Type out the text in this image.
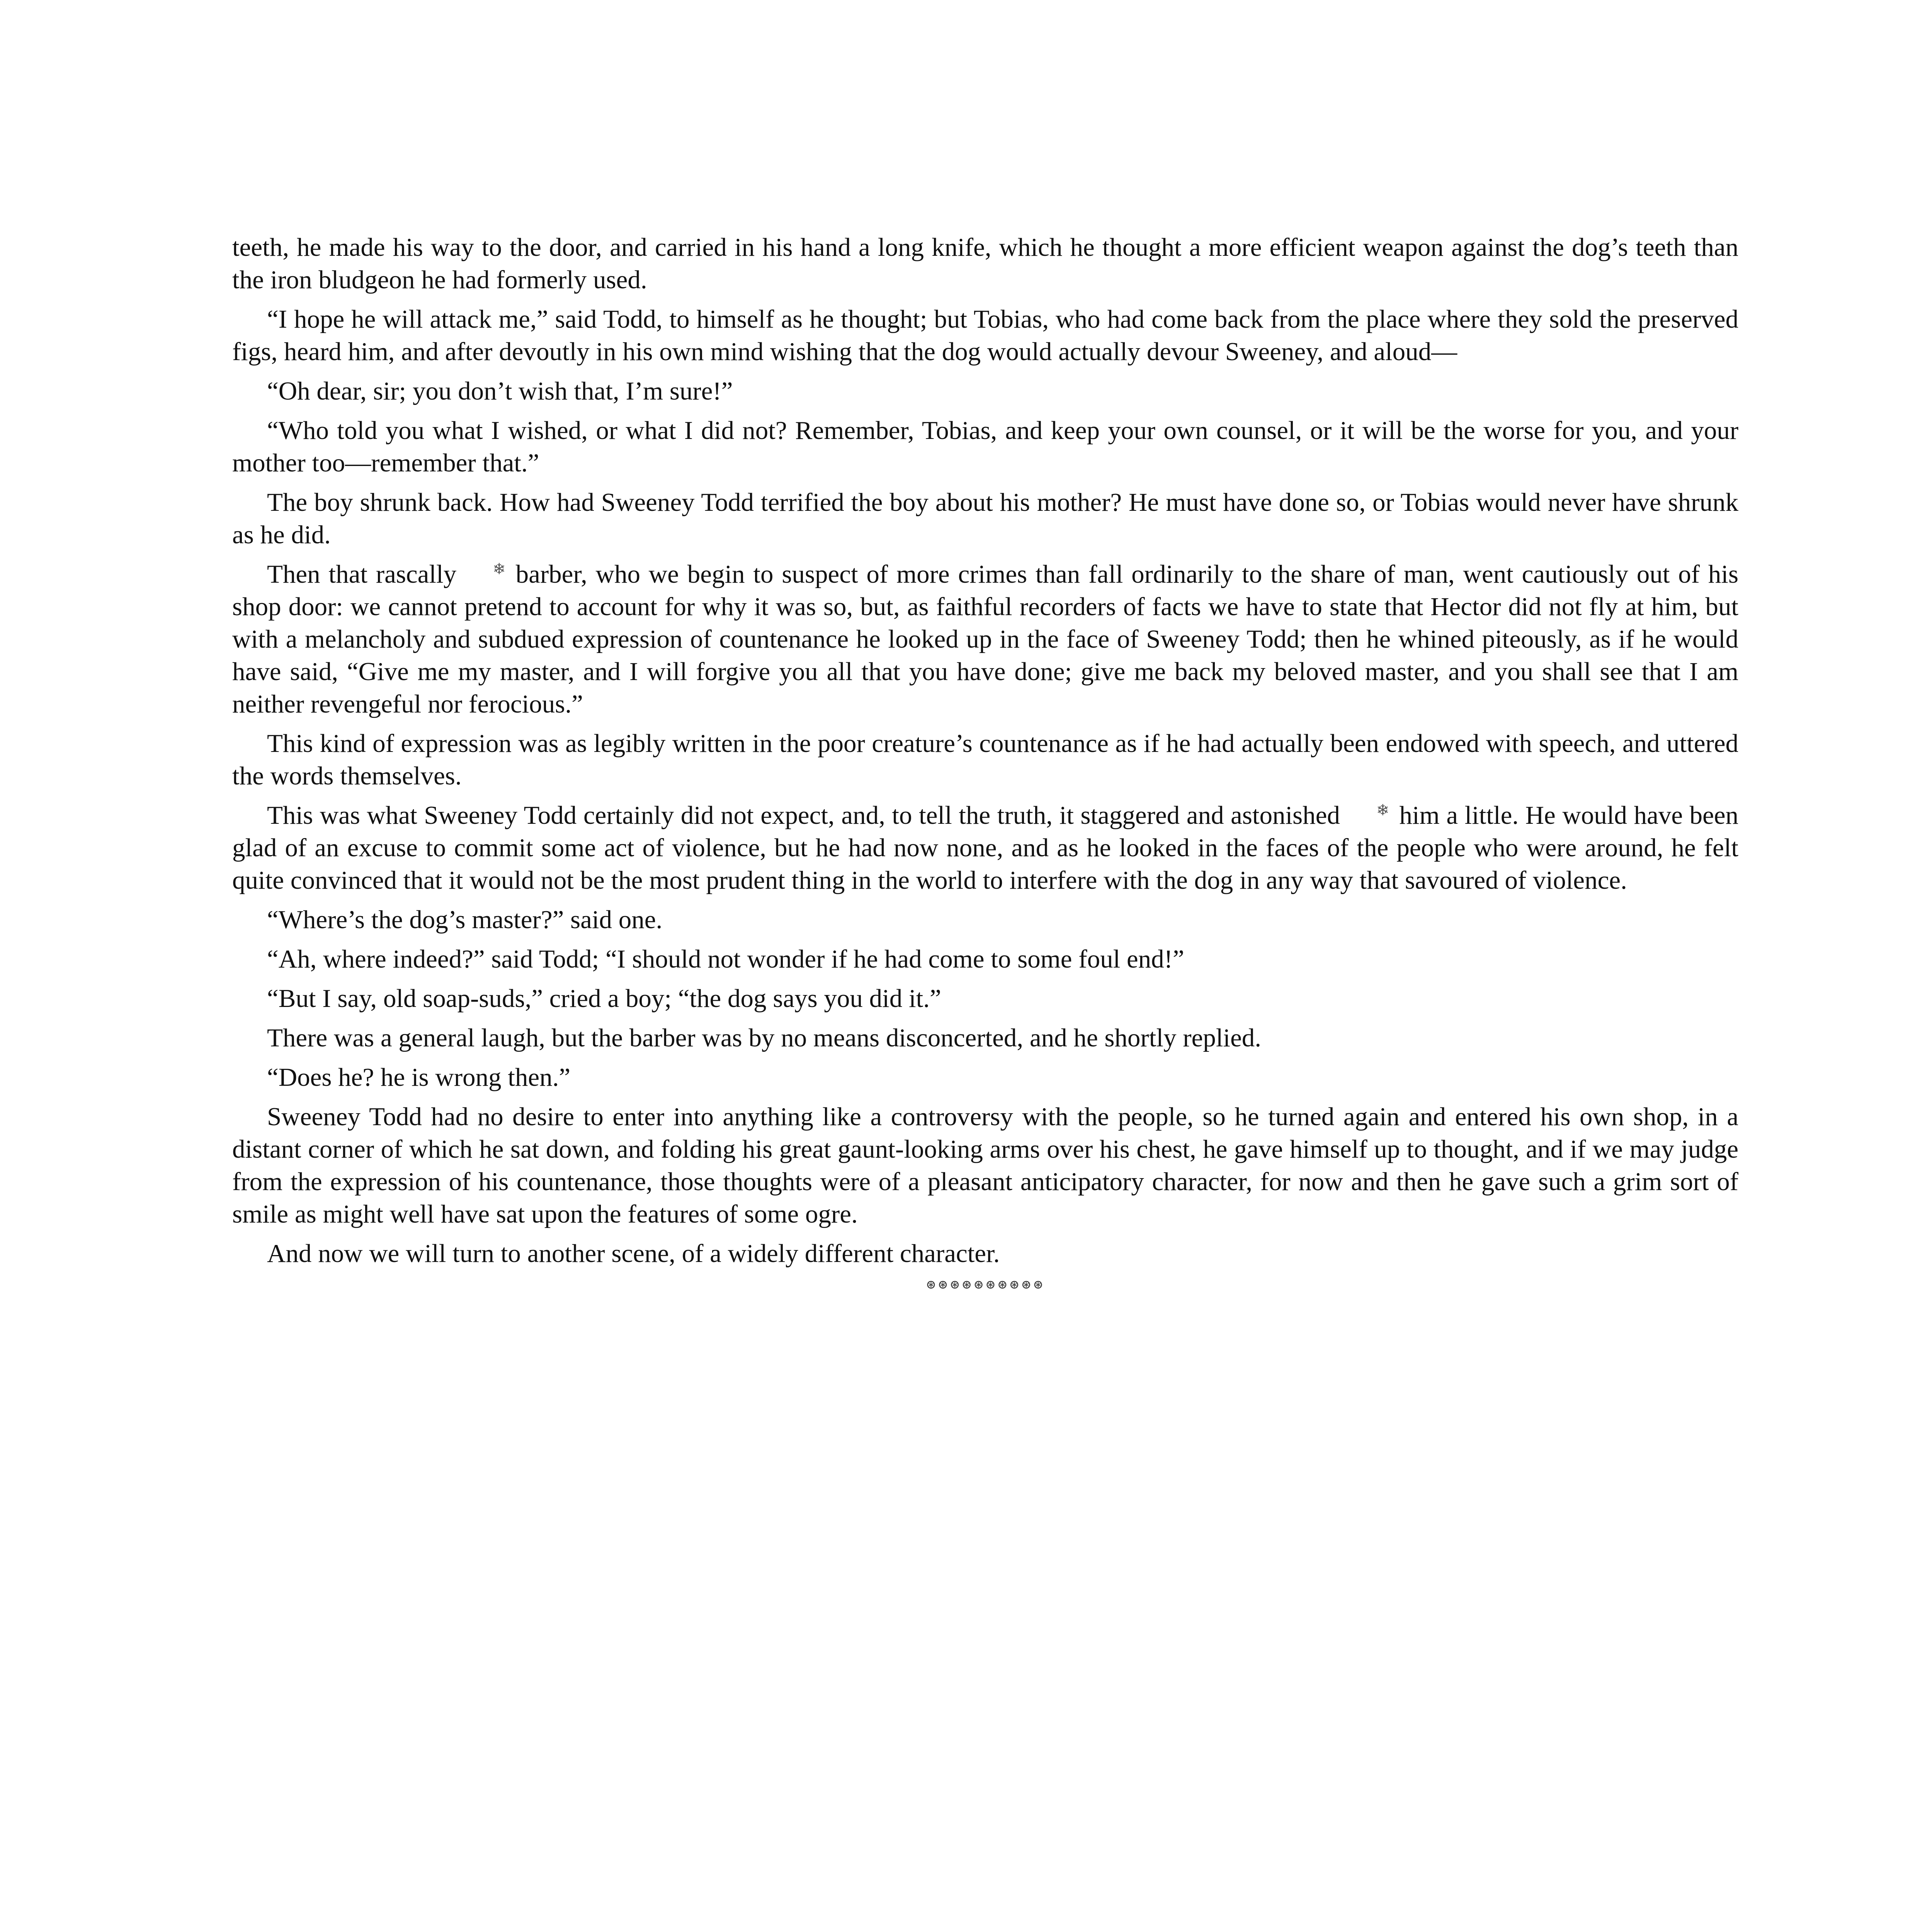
teeth, he made his way to the door, and carried in his hand a long knife, which he thought a more efficient weapon against the dog’s teeth than the iron bludgeon he had formerly used.

“I hope he will attack me,” said Todd, to himself as he thought; but Tobias, who had come back from the place where they sold the preserved figs, heard him, and after devoutly in his own mind wishing that the dog would actually devour Sweeney, and aloud—

“Oh dear, sir; you don’t wish that, I’m sure!”

“Who told you what I wished, or what I did not? Remember, Tobias, and keep your own counsel, or it will be the worse for you, and your mother too—remember that.”

The boy shrunk back. How had Sweeney Todd terrified the boy about his mother? He must have done so, or Tobias would never have shrunk as he did.

Then that rascally ❄ barber, who we begin to suspect of more crimes than fall ordinarily to the share of man, went cautiously out of his shop door: we cannot pretend to account for why it was so, but, as faithful recorders of facts we have to state that Hector did not fly at him, but with a melancholy and subdued expression of countenance he looked up in the face of Sweeney Todd; then he whined piteously, as if he would have said, “Give me my master, and I will forgive you all that you have done; give me back my beloved master, and you shall see that I am neither revengeful nor ferocious.”

This kind of expression was as legibly written in the poor creature’s countenance as if he had actually been endowed with speech, and uttered the words themselves.

This was what Sweeney Todd certainly did not expect, and, to tell the truth, it staggered and astonished ❄ him a little. He would have been glad of an excuse to commit some act of violence, but he had now none, and as he looked in the faces of the people who were around, he felt quite convinced that it would not be the most prudent thing in the world to interfere with the dog in any way that savoured of violence.

“Where’s the dog’s master?” said one.

“Ah, where indeed?” said Todd; “I should not wonder if he had come to some foul end!”

“But I say, old soap-suds,” cried a boy; “the dog says you did it.”

There was a general laugh, but the barber was by no means disconcerted, and he shortly replied.

“Does he? he is wrong then.”

Sweeney Todd had no desire to enter into anything like a controversy with the people, so he turned again and entered his own shop, in a distant corner of which he sat down, and folding his great gaunt-looking arms over his chest, he gave himself up to thought, and if we may judge from the expression of his countenance, those thoughts were of a pleasant anticipatory character, for now and then he gave such a grim sort of smile as might well have sat upon the features of some ogre.

And now we will turn to another scene, of a widely different character.

⊛⊛⊛⊛⊛⊛⊛⊛⊛⊛
